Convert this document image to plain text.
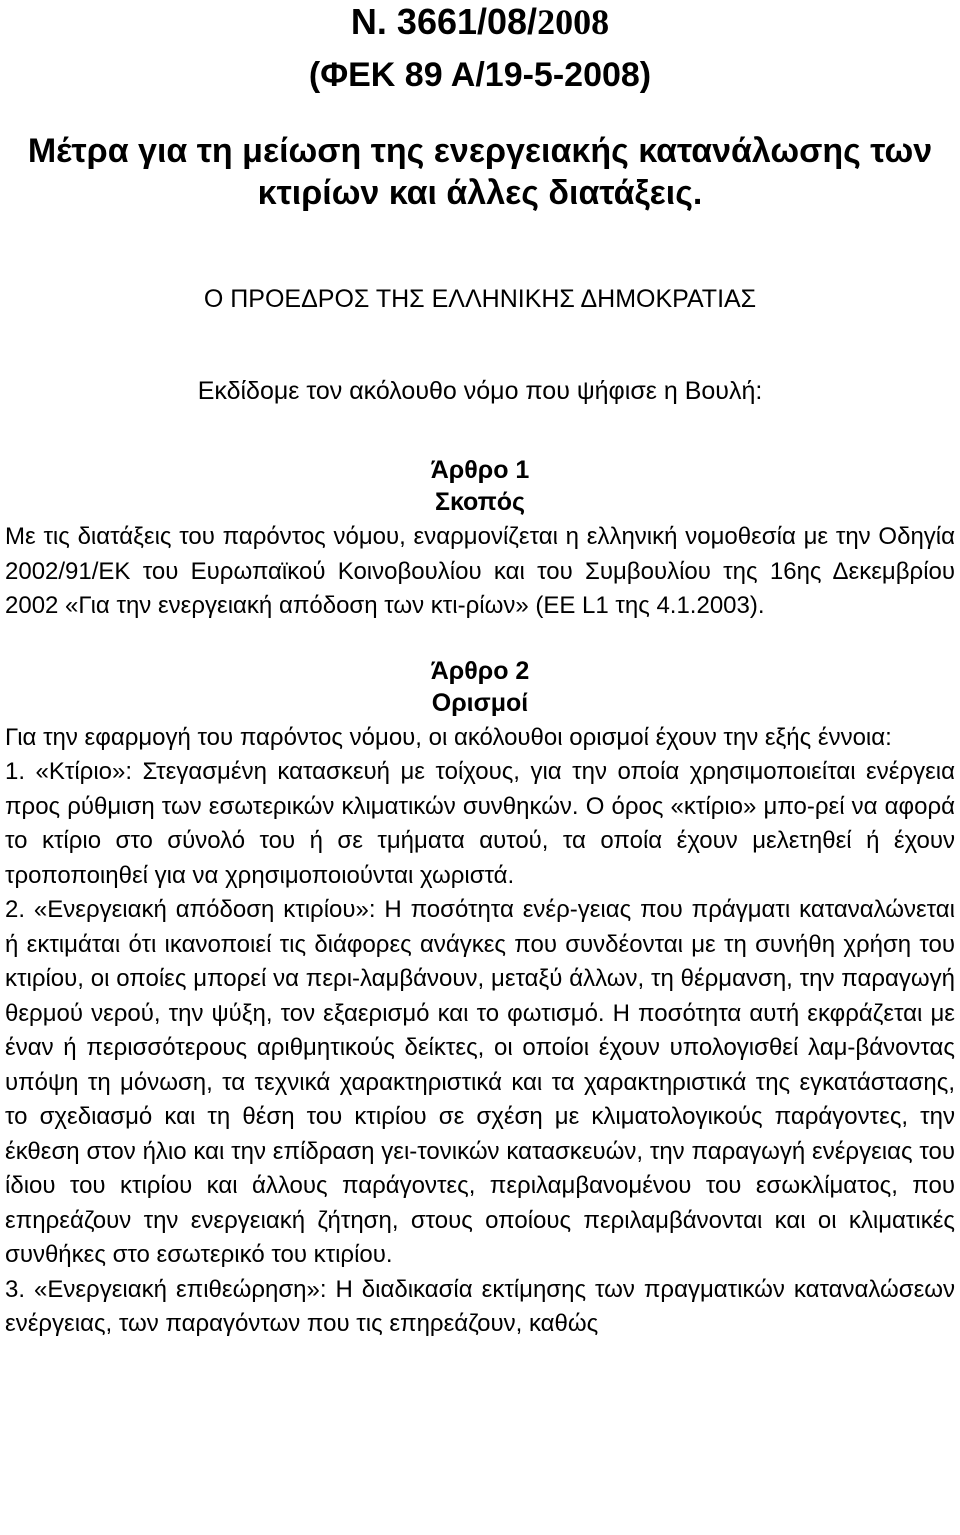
Ν. 3661/08/2008
(ΦΕΚ 89 Α/19-5-2008)
Μέτρα για τη μείωση της ενεργειακής κατανάλωσης των κτιρίων και άλλες διατάξεις.
Ο ΠΡΟΕΔΡΟΣ ΤΗΣ ΕΛΛΗΝΙΚΗΣ ΔΗΜΟΚΡΑΤΙΑΣ
Εκδίδομε τον ακόλουθο νόμο που ψήφισε η Βουλή:
Άρθρο 1
Σκοπός

Με τις διατάξεις του παρόντος νόμου, εναρμονίζεται η ελληνική νομοθεσία με την Οδηγία 2002/91/ΕΚ του Ευρωπαϊκού Κοινοβουλίου και του Συμβουλίου της 16ης Δεκεμβρίου 2002 «Για την ενεργειακή απόδοση των κτι-ρίων» (ΕΕ L1 της 4.1.2003).

Άρθρο 2
Ορισμοί

Για την εφαρμογή του παρόντος νόμου, οι ακόλουθοι ορισμοί έχουν την εξής έννοια:

1. «Κτίριο»: Στεγασμένη κατασκευή με τοίχους, για την οποία χρησιμοποιείται ενέργεια προς ρύθμιση των εσωτερικών κλιματικών συνθηκών. Ο όρος «κτίριο» μπο-ρεί να αφορά το κτίριο στο σύνολό του ή σε τμήματα αυτού, τα οποία έχουν μελετηθεί ή έχουν τροποποιηθεί για να χρησιμοποιούνται χωριστά.

2. «Ενεργειακή απόδοση κτιρίου»: Η ποσότητα ενέρ-γειας που πράγματι καταναλώνεται ή εκτιμάται ότι ικανοποιεί τις διάφορες ανάγκες που συνδέονται με τη συνήθη χρήση του κτιρίου, οι οποίες μπορεί να περι-λαμβάνουν, μεταξύ άλλων, τη θέρμανση, την παραγωγή θερμού νερού, την ψύξη, τον εξαερισμό και το φωτισμό. Η ποσότητα αυτή εκφράζεται με έναν ή περισσότερους αριθμητικούς δείκτες, οι οποίοι έχουν υπολογισθεί λαμ-βάνοντας υπόψη τη μόνωση, τα τεχνικά χαρακτηριστικά και τα χαρακτηριστικά της εγκατάστασης, το σχεδιασμό και τη θέση του κτιρίου σε σχέση με κλιματολογικούς παράγοντες, την έκθεση στον ήλιο και την επίδραση γει-τονικών κατασκευών, την παραγωγή ενέργειας του ίδιου του κτιρίου και άλλους παράγοντες, περιλαμβανομένου του εσωκλίματος, που επηρεάζουν την ενεργειακή ζήτηση, στους οποίους περιλαμβάνονται και οι κλιματικές συνθήκες στο εσωτερικό του κτιρίου.

3. «Ενεργειακή επιθεώρηση»: Η διαδικασία εκτίμησης των πραγματικών καταναλώσεων ενέργειας, των παραγόντων που τις επηρεάζουν, καθώς
